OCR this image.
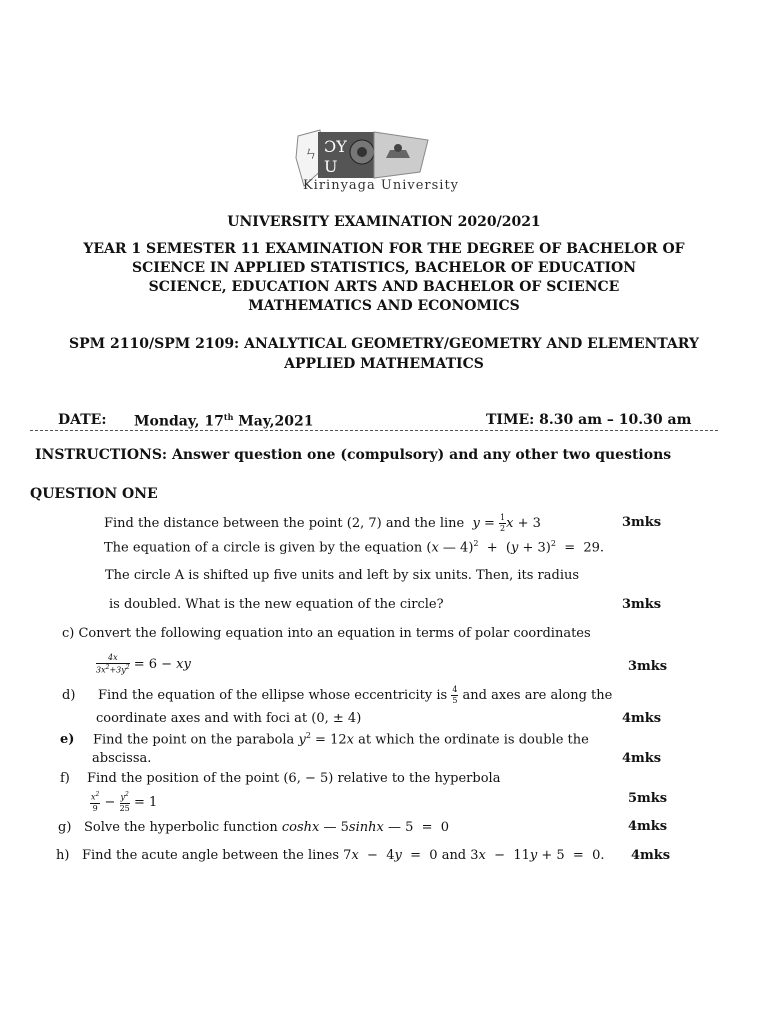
ㄣ ƆY
U
Kirinyaga University
UNIVERSITY EXAMINATION 2020/2021
YEAR 1 SEMESTER 11 EXAMINATION FOR THE DEGREE OF BACHELOR OF
SCIENCE IN APPLIED STATISTICS, BACHELOR OF EDUCATION
SCIENCE, EDUCATION ARTS AND BACHELOR OF SCIENCE
MATHEMATICS AND ECONOMICS
SPM 2110/SPM 2109: ANALYTICAL GEOMETRY/GEOMETRY AND ELEMENTARY
APPLIED MATHEMATICS
DATE: Monday, 17th May,2021	TIME: 8.30 am – 10.30 am
INSTRUCTIONS: Answer question one (compulsory) and any other two questions
QUESTION ONE
Find the distance between the point (2, 7) and the line  $y = \frac{1}{2}$ x + 3	3mks
The equation of a circle is given by the equation (x — $4)^2 + (y + 3)^2 = 29$.
The circle A is shifted up five units and left by six units. Then, its radius
is doubled. What is the new equation of the circle?	3mks
c) Convert the following equation into an equation in terms of polar coordinates
$\frac{4x}{3x^2+3y^2} = 6$ − xy	3mks
d) Find the equation of the ellipse whose eccentricity is $\frac{4}{5}$ and axes are along the
coordinate axes and with foci at (0, ± 4)	4mks
e) Find the point on the parabola $y^2 = 12x$ at which the ordinate is double the
abscissa.	4mks
f) Find the position of the point (6, − 5) relative to the hyperbola
$\frac{x^2}{9} - \frac{y^2}{25} = 1$	5mks
g) Solve the hyperbolic function coshx — 5sinhx — 5  =  0	4mks
h) Find the acute angle between the lines 7x  −  4y  =  0 and 3x  −  11y + 5  =  0. 4mks
